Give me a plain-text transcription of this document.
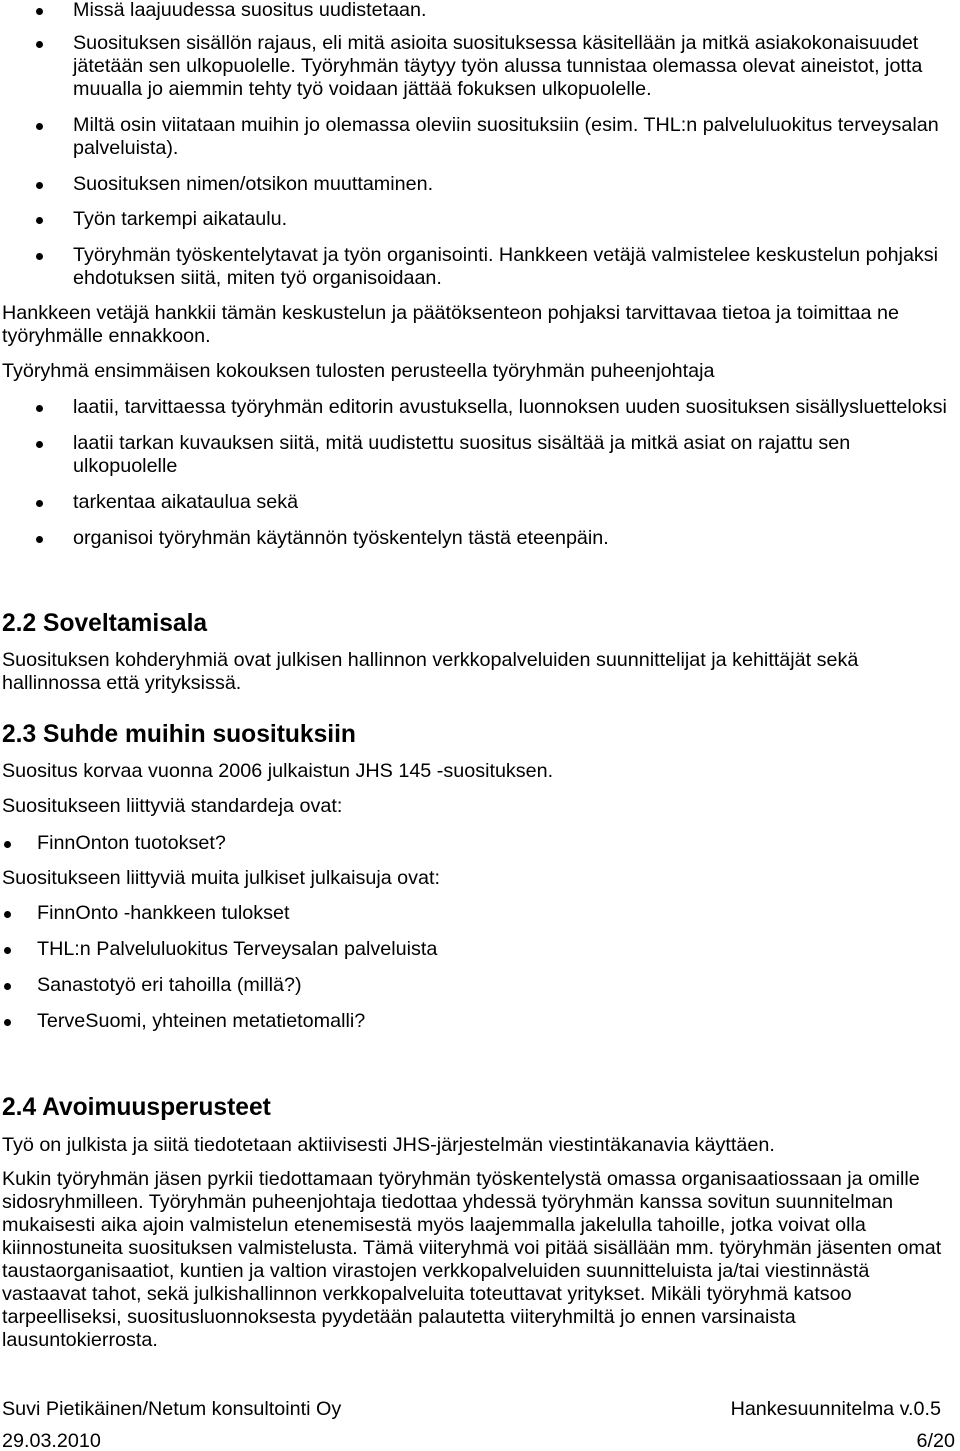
Missä laajuudessa suositus uudistetaan.
Suosituksen sisällön rajaus, eli mitä asioita suosituksessa käsitellään ja mitkä asiakokonaisuudet
jätetään sen ulkopuolelle. Työryhmän täytyy työn alussa tunnistaa olemassa olevat aineistot, jotta
muualla jo aiemmin tehty työ voidaan jättää fokuksen ulkopuolelle.
Miltä osin viitataan muihin jo olemassa oleviin suosituksiin (esim. THL:n palveluluokitus terveysalan
palveluista).
Suosituksen nimen/otsikon muuttaminen.
Työn tarkempi aikataulu.
Työryhmän työskentelytavat ja työn organisointi. Hankkeen vetäjä valmistelee keskustelun pohjaksi
ehdotuksen siitä, miten työ organisoidaan.
Hankkeen vetäjä hankkii tämän keskustelun ja päätöksenteon pohjaksi tarvittavaa tietoa ja toimittaa ne
työryhmälle ennakkoon.
Työryhmä ensimmäisen kokouksen tulosten perusteella työryhmän puheenjohtaja
laatii, tarvittaessa työryhmän editorin avustuksella, luonnoksen uuden suosituksen sisällysluetteloksi
laatii tarkan kuvauksen siitä, mitä uudistettu suositus sisältää ja mitkä asiat on rajattu sen
ulkopuolelle
tarkentaa aikataulua sekä
organisoi työryhmän käytännön työskentelyn tästä eteenpäin.
2.2 Soveltamisala
Suosituksen kohderyhmiä ovat julkisen hallinnon verkkopalveluiden suunnittelijat ja kehittäjät sekä
hallinnossa että yrityksissä.
2.3 Suhde muihin suosituksiin
Suositus korvaa vuonna 2006 julkaistun JHS 145 -suosituksen.
Suositukseen liittyviä standardeja ovat:
FinnOnton tuotokset?
Suositukseen liittyviä muita julkiset julkaisuja ovat:
FinnOnto -hankkeen tulokset
THL:n Palveluluokitus Terveysalan palveluista
Sanastotyö eri tahoilla (millä?)
TerveSuomi, yhteinen metatietomalli?
2.4 Avoimuusperusteet
Työ on julkista ja siitä tiedotetaan aktiivisesti JHS-järjestelmän viestintäkanavia käyttäen.
Kukin työryhmän jäsen pyrkii tiedottamaan työryhmän työskentelystä omassa organisaatiossaan ja omille
sidosryhmilleen. Työryhmän puheenjohtaja tiedottaa yhdessä työryhmän kanssa sovitun suunnitelman
mukaisesti aika ajoin valmistelun etenemisestä myös laajemmalla jakelulla tahoille, jotka voivat olla
kiinnostuneita suosituksen valmistelusta. Tämä viiteryhmä voi pitää sisällään mm. työryhmän jäsenten omat
taustaorganisaatiot, kuntien ja valtion virastojen verkkopalveluiden suunnitteluista ja/tai viestinnästä
vastaavat tahot, sekä julkishallinnon verkkopalveluita toteuttavat yritykset. Mikäli työryhmä katsoo
tarpeelliseksi, suositusluonnoksesta pyydetään palautetta viiteryhmiltä jo ennen varsinaista
lausuntokierrosta.
Suvi Pietikäinen/Netum konsultointi Oy	Hankesuunnitelma v.0.5
29.03.2010	6/20
